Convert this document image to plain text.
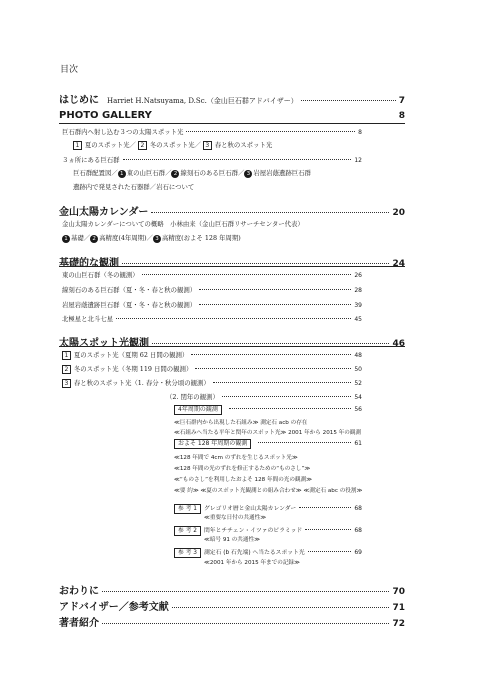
目次
はじめに Harriet H.Natsuyama, D.Sc.（金山巨石群アドバイザー）	7
PHOTO GALLERY	8
巨石群内へ射し込む３つの太陽スポット光	8
1 夏のスポット光／ 2 冬のスポット光／ 3 春と秋のスポット光
３ヵ所にある巨石群	12
巨石群配置図／ 1 東の山巨石群／ 2 線刻石のある巨石群／ 3 岩屋岩蔭遺跡巨石群
遺跡内で発見された石器群／岩石について
金山太陽カレンダー	20
金山太陽カレンダーについての概略　小林由来（金山巨石群リサーチセンター代表）
1 基礎／ 2 高精度(4年周期)／ 3 高精度(およそ 128 年周期)
基礎的な観測	24
東の山巨石群（冬の観測）	26
線刻石のある巨石群（夏・冬・春と秋の観測）	28
岩屋岩蔭遺跡巨石群（夏・冬・春と秋の観測）	39
北極星と北斗七星	45
太陽スポット光観測	46
1 夏のスポット光（夏期 62 日間の観測）	48
2 冬のスポット光（冬期 119 日間の観測）	50
3 春と秋のスポット光（1. 春分・秋分頃の観測）	52
（2. 閏年の観測）	54
4年周期の観測	56
≪巨石群内から出現した石組み≫ 測定石 acb の存在
≪石組みへ当たる平年と閏年のスポット光≫ 2001 年から 2015 年の観測
およそ 128 年周期の観測	61
≪128 年間で 4cm のずれを生じるスポット光≫
≪128 年間の光のずれを修正するための“ものさし”≫
≪“ものさし”を利用したおよそ 128 年間の光の観測≫
≪要 約≫ ≪夏のスポット光観測との組み合わせ≫ ≪測定石 abc の役割≫
参 考 1	グレゴリオ暦と金山太陽カレンダー	68
≪重要な日付の共通性≫
参 考 2	閏年とチチェン・イツァのピラミッド	68
≪暗号 91 の共通性≫
参 考 3	測定石 (b 石先端) へ当たるスポット光	69
≪2001 年から 2015 年までの記録≫
おわりに	70
アドバイザー／参考文献	71
著者紹介	72
